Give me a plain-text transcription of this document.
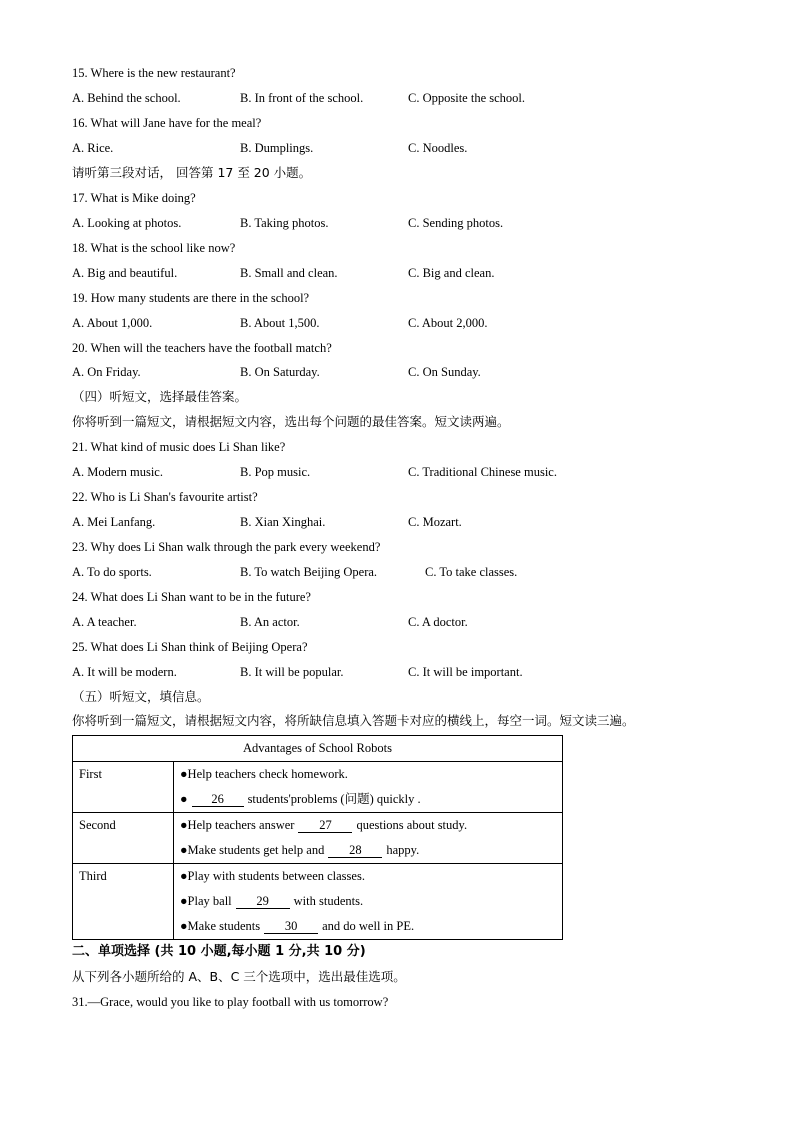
15. Where is the new restaurant?
A. Behind the school.	B. In front of the school.	C. Opposite the school.
16. What will Jane have for the meal?
A. Rice.	B. Dumplings.	C. Noodles.
请听第三段对话， 回答第 17 至 20 小题。
17. What is Mike doing?
A. Looking at photos.	B. Taking photos.	C. Sending photos.
18. What is the school like now?
A. Big and beautiful.	B. Small and clean.	C. Big and clean.
19. How many students are there in the school?
A. About 1,000.	B. About 1,500.	C. About 2,000.
20. When will the teachers have the football match?
A. On Friday.	B. On Saturday.	C. On Sunday.
（四）听短文，选择最佳答案。
你将听到一篇短文，请根据短文内容，选出每个问题的最佳答案。短文读两遍。
21. What kind of music does Li Shan like?
A. Modern music.	B. Pop music.	C. Traditional Chinese music.
22. Who is Li Shan's favourite artist?
A. Mei Lanfang.	B. Xian Xinghai.	C. Mozart.
23. Why does Li Shan walk through the park every weekend?
A. To do sports.	B. To watch Beijing Opera.	C. To take classes.
24. What does Li Shan want to be in the future?
A. A teacher.	B. An actor.	C. A doctor.
25. What does Li Shan think of Beijing Opera?
A. It will be modern.	B. It will be popular.	C. It will be important.
（五）听短文，填信息。
你将听到一篇短文，请根据短文内容，将所缺信息填入答题卡对应的横线上，每空一词。短文读三遍。
Advantages of School Robots	
First	●Help teachers check homework.
● 26 students'problems (问题) quickly .

Second	●Help teachers answer 27 questions about study.
●Make students get help and 28 happy.

Third	●Play with students between classes.
●Play ball 29 with students.
●Make students 30 and do well in PE.
二、单项选择 (共 10 小题,每小题 1 分,共 10 分)
从下列各小题所给的 A、B、C 三个选项中，选出最佳选项。
31.—Grace, would you like to play football with us tomorrow?
